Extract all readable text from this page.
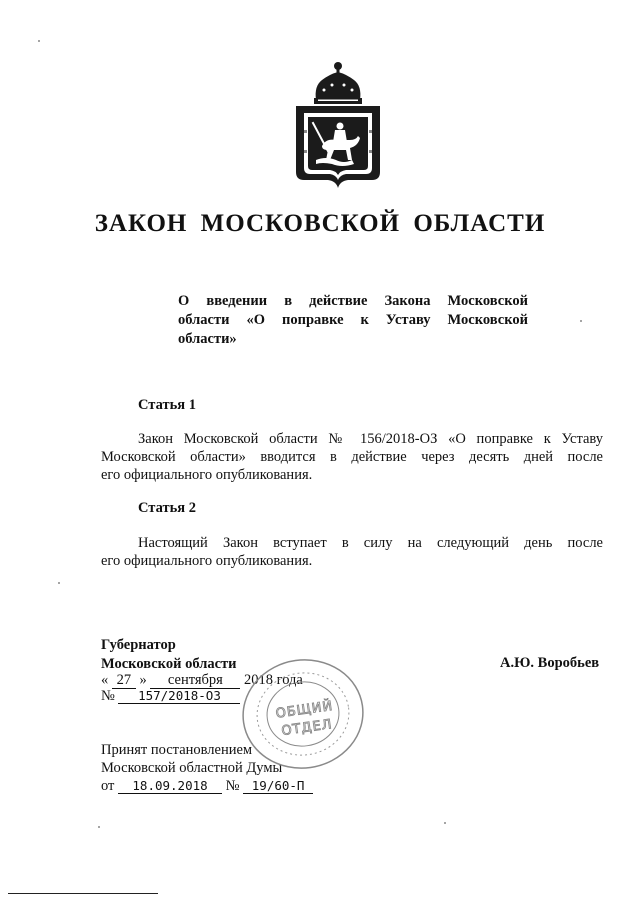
ЗАКОН МОСКОВСКОЙ ОБЛАСТИ
О введении в действие Закона Московской
области «О поправке к Уставу Московской
области»
Статья 1
Закон Московской области № 156/2018-ОЗ «О поправке к Уставу
Московской области» вводится в действие через десять дней после
его официального опубликования.
Статья 2
Настоящий Закон вступает в силу на следующий день после
его официального опубликования.
Губернатор
Московской области	А.Ю. Воробьев
« 27 » сентября 2018 года
№ 157/2018-ОЗ
Принят постановлением
Московской областной Думы
от 18.09.2018 № 19/60-П
ОБЩИЙ
ОТДЕЛ
